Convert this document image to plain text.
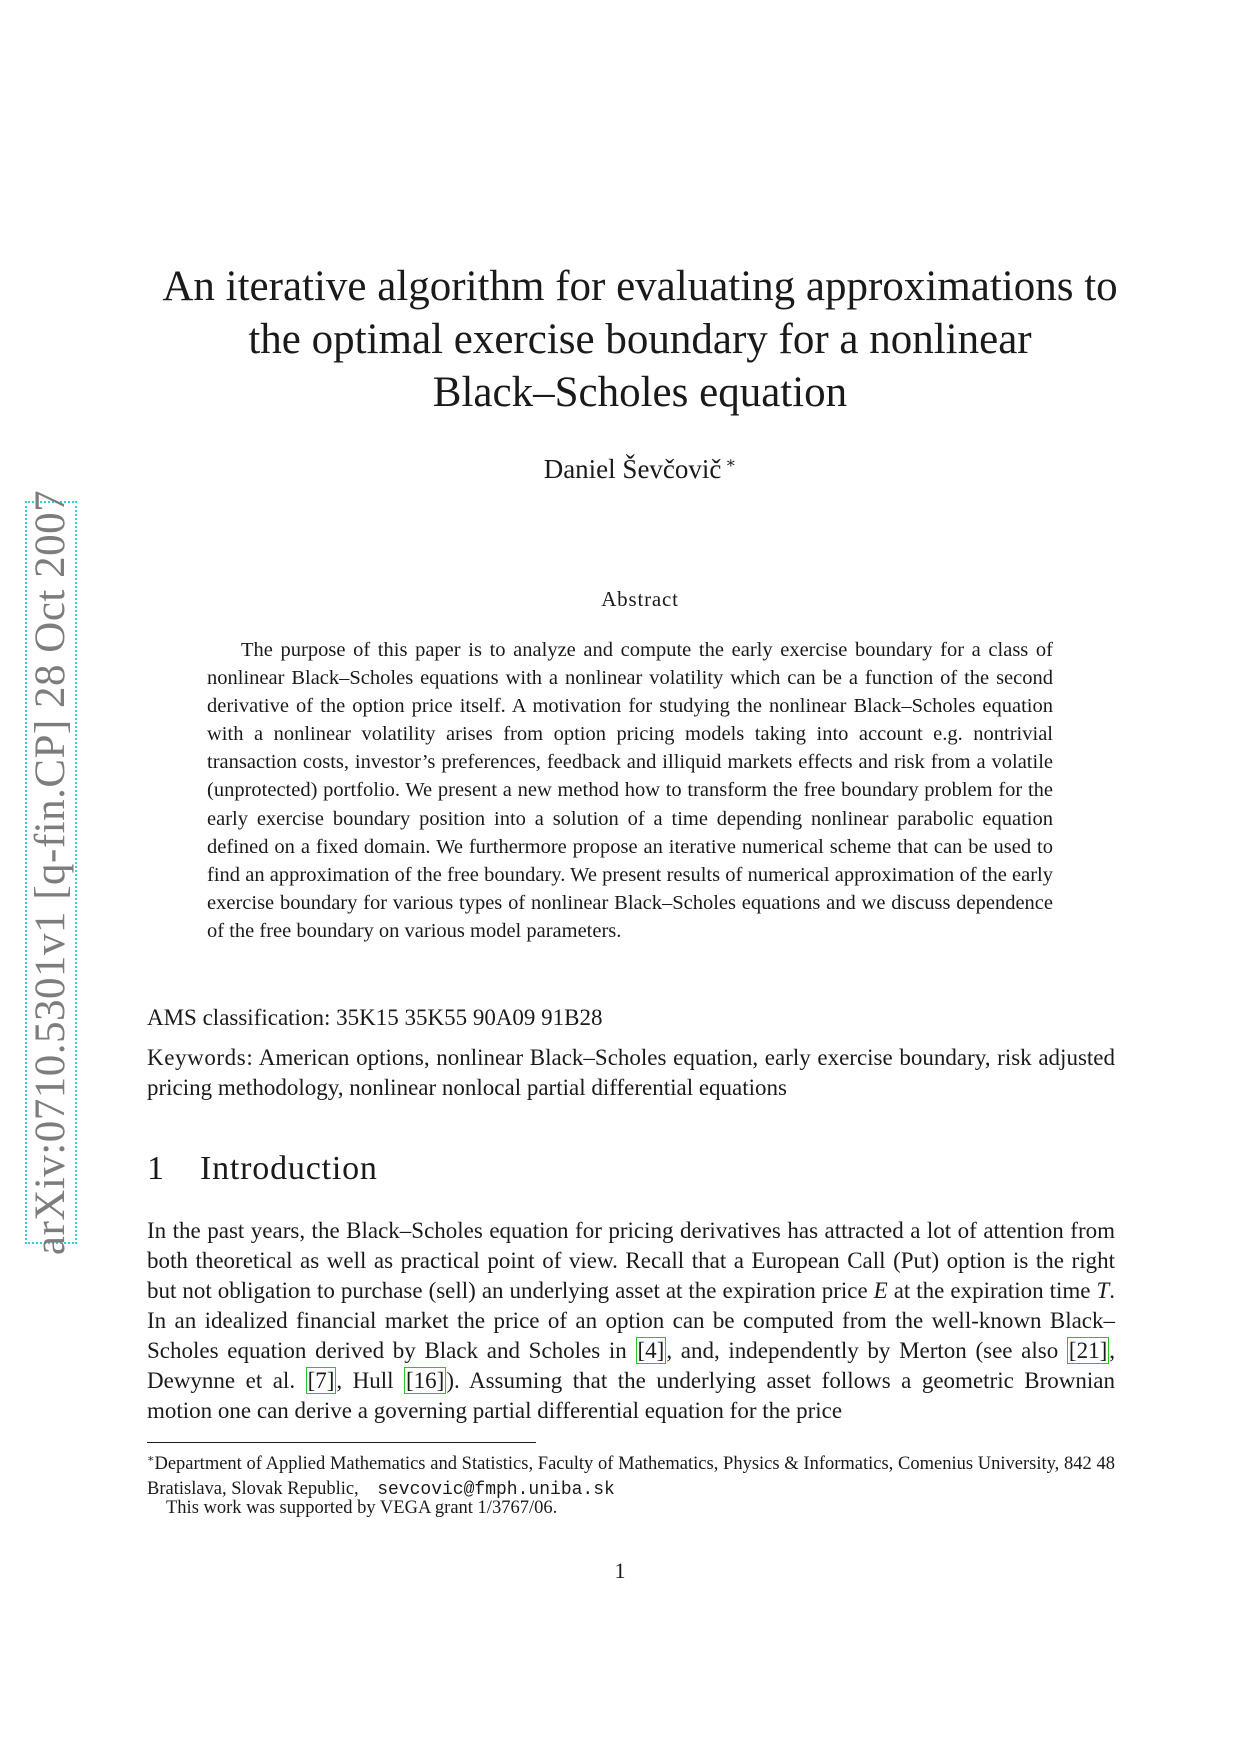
arXiv:0710.5301v1 [q-fin.CP] 28 Oct 2007
An iterative algorithm for evaluating approximations to
the optimal exercise boundary for a nonlinear
Black–Scholes equation
Daniel Ševčovič ∗
Abstract

The purpose of this paper is to analyze and compute the early exercise boundary for a class of nonlinear Black–Scholes equations with a nonlinear volatility which can be a function of the second derivative of the option price itself. A motivation for studying the nonlinear Black–Scholes equation with a nonlinear volatility arises from option pricing models taking into account e.g. nontrivial transaction costs, investor’s preferences, feedback and illiquid markets effects and risk from a volatile (unprotected) portfolio. We present a new method how to transform the free boundary problem for the early exercise boundary position into a solution of a time depending nonlinear parabolic equation defined on a fixed domain. We furthermore propose an iterative numerical scheme that can be used to find an approximation of the free boundary. We present results of numerical approximation of the early exercise boundary for various types of nonlinear Black–Scholes equations and we discuss dependence of the free boundary on various model parameters.

AMS classification: 35K15 35K55 90A09 91B28
Keywords: American options, nonlinear Black–Scholes equation, early exercise boundary, risk adjusted pricing methodology, nonlinear nonlocal partial differential equations
1 Introduction

In the past years, the Black–Scholes equation for pricing derivatives has attracted a lot of attention from both theoretical as well as practical point of view. Recall that a European Call (Put) option is the right but not obligation to purchase (sell) an underlying asset at the expiration price E at the expiration time T. In an idealized financial market the price of an option can be computed from the well-known Black–Scholes equation derived by Black and Scholes in [4], and, independently by Merton (see also [21], Dewynne et al. [7], Hull [16]). Assuming that the underlying asset follows a geometric Brownian motion one can derive a governing partial differential equation for the price

∗Department of Applied Mathematics and Statistics, Faculty of Mathematics, Physics & Informatics, Comenius University, 842 48 Bratislava, Slovak Republic, sevcovic@fmph.uniba.sk

This work was supported by VEGA grant 1/3767/06.
1
